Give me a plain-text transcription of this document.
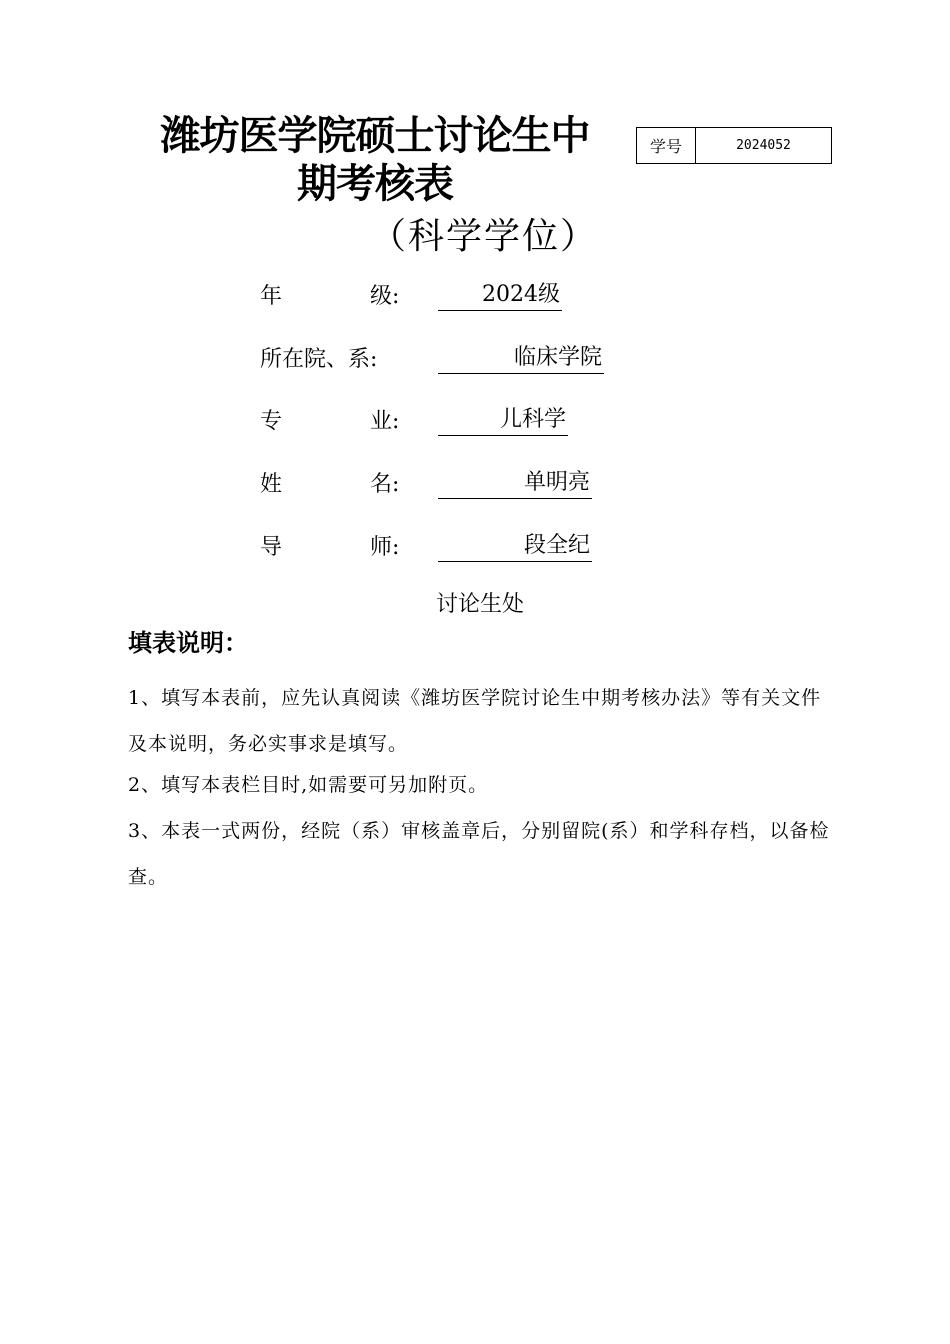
潍坊医学院硕士讨论生中
期考核表
（科学学位）
学号	2024052
年　　　　级:	2024级
所在院、系:	临床学院
专　　　　业:	儿科学
姓　　　　名:	单明亮
导　　　　师:	段全纪
讨论生处
填表说明：
1、填写本表前，应先认真阅读《潍坊医学院讨论生中期考核办法》等有关文件及本说明，务必实事求是填写。
2、填写本表栏目时,如需要可另加附页。
3、本表一式两份，经院（系）审核盖章后，分别留院(系）和学科存档，以备检查。
